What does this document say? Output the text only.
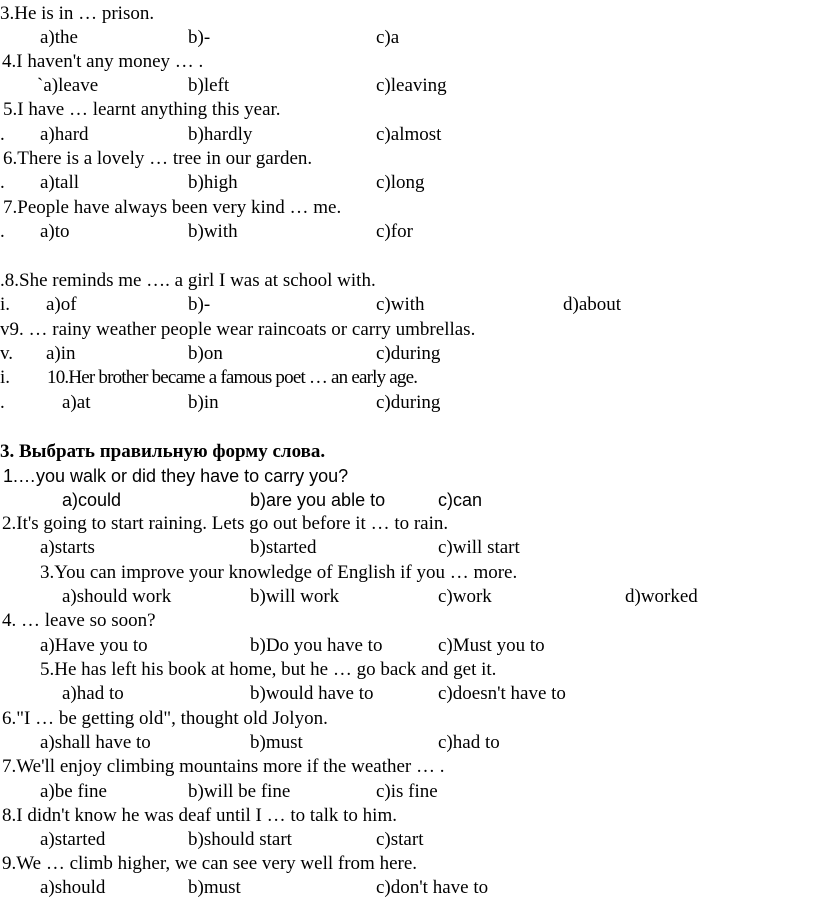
3.He is in … prison.
a)the	b)-	c)a
4.I haven't any money … .
`a)leave	b)left	c)leaving
5.I have … learnt anything this year.
. a)hard	b)hardly	c)almost
6.There is a lovely … tree in our garden.
. a)tall	b)high	c)long
7.People have always been very kind … me.
. a)to	b)with	c)for
.8.She reminds me …. a girl I was at school with.
i. a)of	b)-	c)with	d)about
v9. … rainy weather people wear raincoats or carry umbrellas.
v. a)in	b)on	c)during
i. 10.Her brother became a famous poet … an early age.
.	a)at	b)in	c)during
3. Выбрать правильную форму слова.
1.…you walk or did they have to carry you?
a)could	b)are you able to	c)can
2.It's going to start raining. Lets go out before it … to rain.
a)starts	b)started	c)will start
3.You can improve your knowledge of English if you … more.
a)should work	b)will work	c)work	d)worked
4. … leave so soon?
a)Have you to	b)Do you have to	c)Must you to
5.He has left his book at home, but he … go back and get it.
a)had to	b)would have to	c)doesn't have to
6."I … be getting old", thought old Jolyon.
a)shall have to	b)must	c)had to
7.We'll enjoy climbing mountains more if the weather … .
a)be fine	b)will be fine	c)is fine
8.I didn't know he was deaf until I … to talk to him.
a)started	b)should start	c)start
9.We … climb higher, we can see very well from here.
a)should	b)must	c)don't have to
